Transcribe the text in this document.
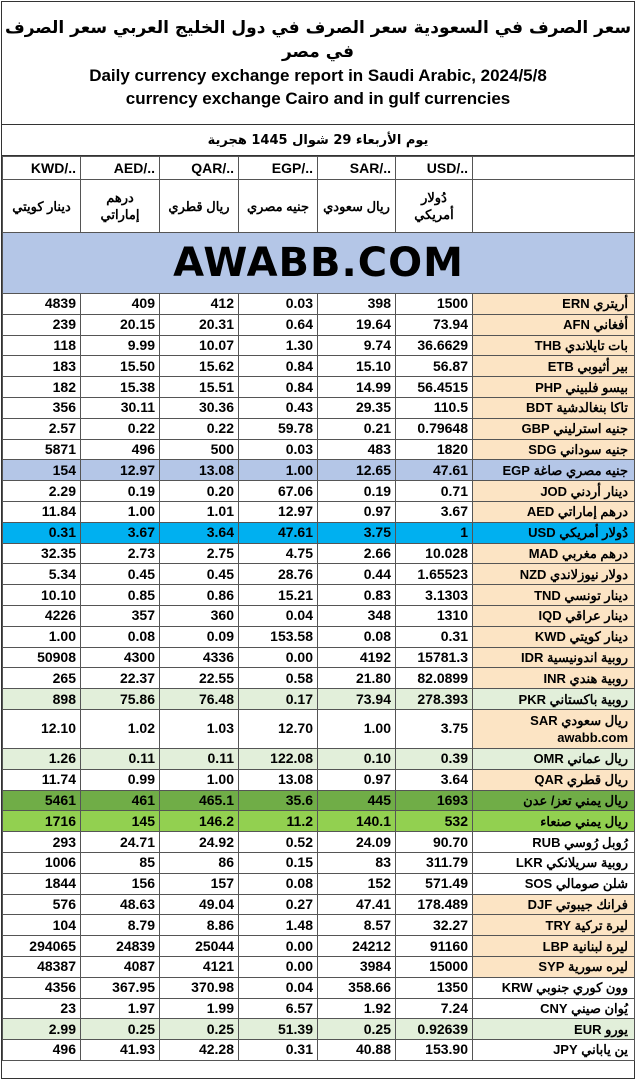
سعر الصرف في السعودية سعر الصرف في دول الخليج العربي سعر الصرف في مصر
Daily currency exchange report in Saudi Arabic, 2024/5/8
currency exchange Cairo and in gulf currencies
يوم الأربعاء 29 شوال 1445 هجرية
KWD/..	AED/..	QAR/..	EGP/..	SAR/..	USD/..	
دينار كويتي	درهم إماراتي	ريال قطري	جنيه مصري	ريال سعودي	دُولار أمريكي	
AWABB.COM						
4839	409	412	0.03	398	1500	أريتري ERN
239	20.15	20.31	0.64	19.64	73.94	أفغاني AFN
118	9.99	10.07	1.30	9.74	36.6629	بات تايلاندي THB
183	15.50	15.62	0.84	15.10	56.87	بير أثيوبي ETB
182	15.38	15.51	0.84	14.99	56.4515	بيسو فلبيني PHP
356	30.11	30.36	0.43	29.35	110.5	تاكا بنغالدشية BDT
2.57	0.22	0.22	59.78	0.21	0.79648	جنيه استرليني GBP
5871	496	500	0.03	483	1820	جنيه سوداني SDG
154	12.97	13.08	1.00	12.65	47.61	جنيه مصري صاغة EGP
2.29	0.19	0.20	67.06	0.19	0.71	دينار أردني JOD
11.84	1.00	1.01	12.97	0.97	3.67	درهم إماراتي AED
0.31	3.67	3.64	47.61	3.75	1	دُولار أمريكي USD
32.35	2.73	2.75	4.75	2.66	10.028	درهم مغربي MAD
5.34	0.45	0.45	28.76	0.44	1.65523	دولار نيوزلاندي NZD
10.10	0.85	0.86	15.21	0.83	3.1303	دينار تونسي TND
4226	357	360	0.04	348	1310	دينار عراقي IQD
1.00	0.08	0.09	153.58	0.08	0.31	دينار كويتي KWD
50908	4300	4336	0.00	4192	15781.3	روبية اندونيسية IDR
265	22.37	22.55	0.58	21.80	82.0899	روبية هندي INR
898	75.86	76.48	0.17	73.94	278.393	روبية باكستاني PKR
12.10	1.02	1.03	12.70	1.00	3.75	ريال سعودي SAR awabb.com
1.26	0.11	0.11	122.08	0.10	0.39	ريال عماني OMR
11.74	0.99	1.00	13.08	0.97	3.64	ريال قطري QAR
5461	461	465.1	35.6	445	1693	ريال يمني تعز/ عدن
1716	145	146.2	11.2	140.1	532	ريال يمني صنعاء
293	24.71	24.92	0.52	24.09	90.70	رُوبل رُوسي RUB
1006	85	86	0.15	83	311.79	روبية سريلانكي LKR
1844	156	157	0.08	152	571.49	شلن صومالي SOS
576	48.63	49.04	0.27	47.41	178.489	فرانك جيبوتي DJF
104	8.79	8.86	1.48	8.57	32.27	ليرة تركية TRY
294065	24839	25044	0.00	24212	91160	ليرة لبنانية LBP
48387	4087	4121	0.00	3984	15000	ليره سورية SYP
4356	367.95	370.98	0.04	358.66	1350	وون كوري جنوبي KRW
23	1.97	1.99	6.57	1.92	7.24	يُوان صيني CNY
2.99	0.25	0.25	51.39	0.25	0.92639	يورو EUR
496	41.93	42.28	0.31	40.88	153.90	ين ياباني JPY
